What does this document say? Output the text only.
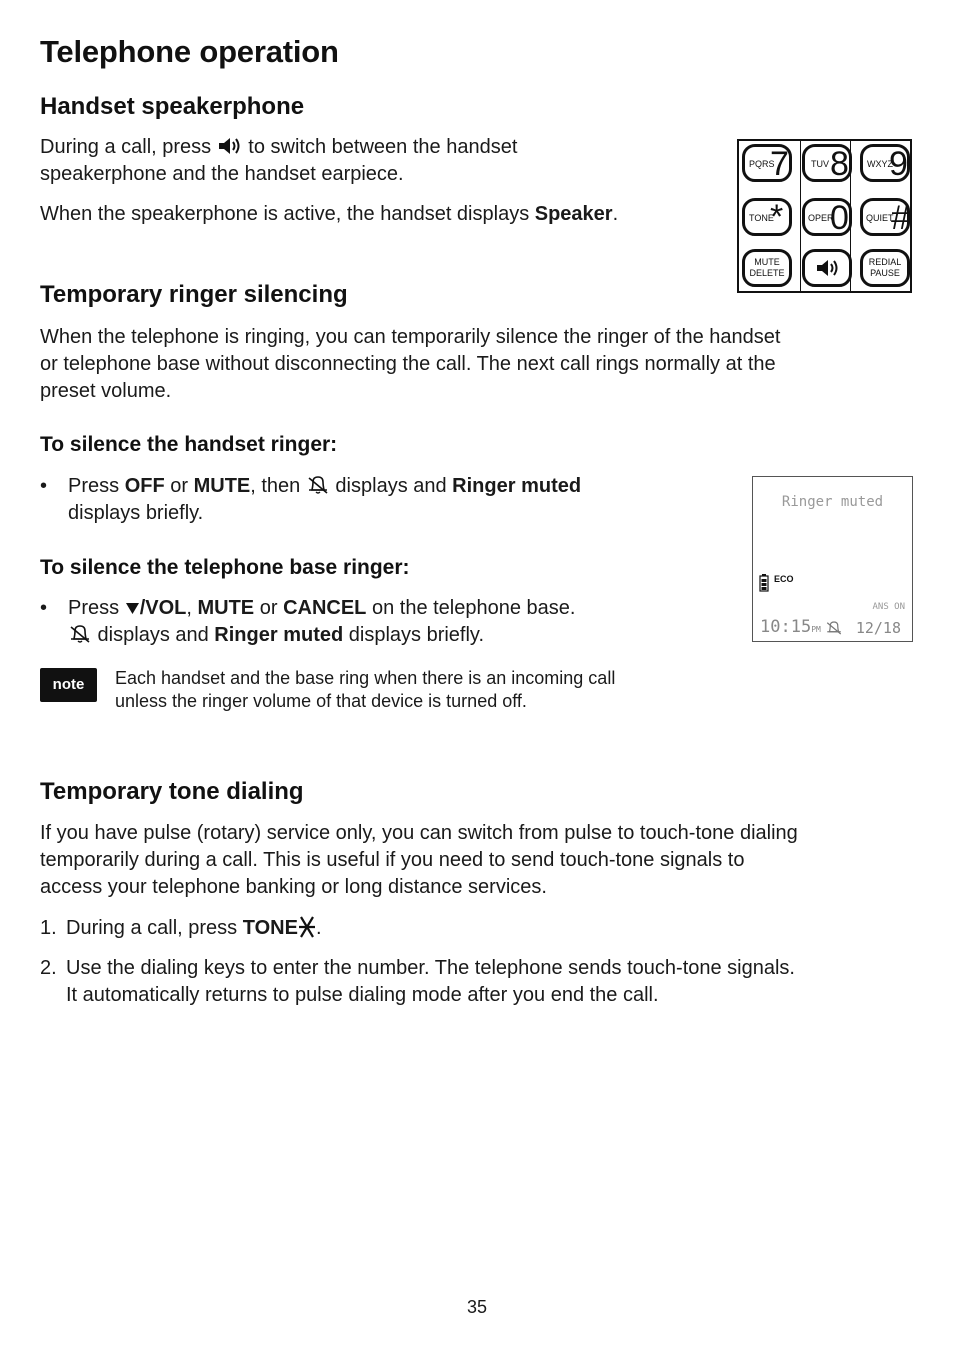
Telephone operation
Handset speakerphone

During a call, press  to switch between the handset
speakerphone and the handset earpiece.

When the speakerphone is active, the handset displays Speaker.

PQRS
7 TUV 8 WXYZ
9
TONE
*	OPER
0 QUIET
#
MUTE
DELETE
REDIAL
PAUSE
Temporary ringer silencing

When the telephone is ringing, you can temporarily silence the ringer of the handset
or telephone base without disconnecting the call. The next call rings normally at the
preset volume.

To silence the handset ringer:
• Press OFF or MUTE, then  displays and Ringer muted
displays briefly.
To silence the telephone base ringer:
• Press /VOL, MUTE or CANCEL on the telephone base.
displays and Ringer muted displays briefly.
Ringer muted
ECO
ANS ON
10:15PM 12/18
note	Each handset and the base ring when there is an incoming call
unless the ringer volume of that device is turned off.

Temporary tone dialing

If you have pulse (rotary) service only, you can switch from pulse to touch-tone dialing
temporarily during a call. This is useful if you need to send touch-tone signals to
access your telephone banking or long distance services.

1. During a call, press TONE .
2. Use the dialing keys to enter the number. The telephone sends touch-tone signals.
It automatically returns to pulse dialing mode after you end the call.
35
